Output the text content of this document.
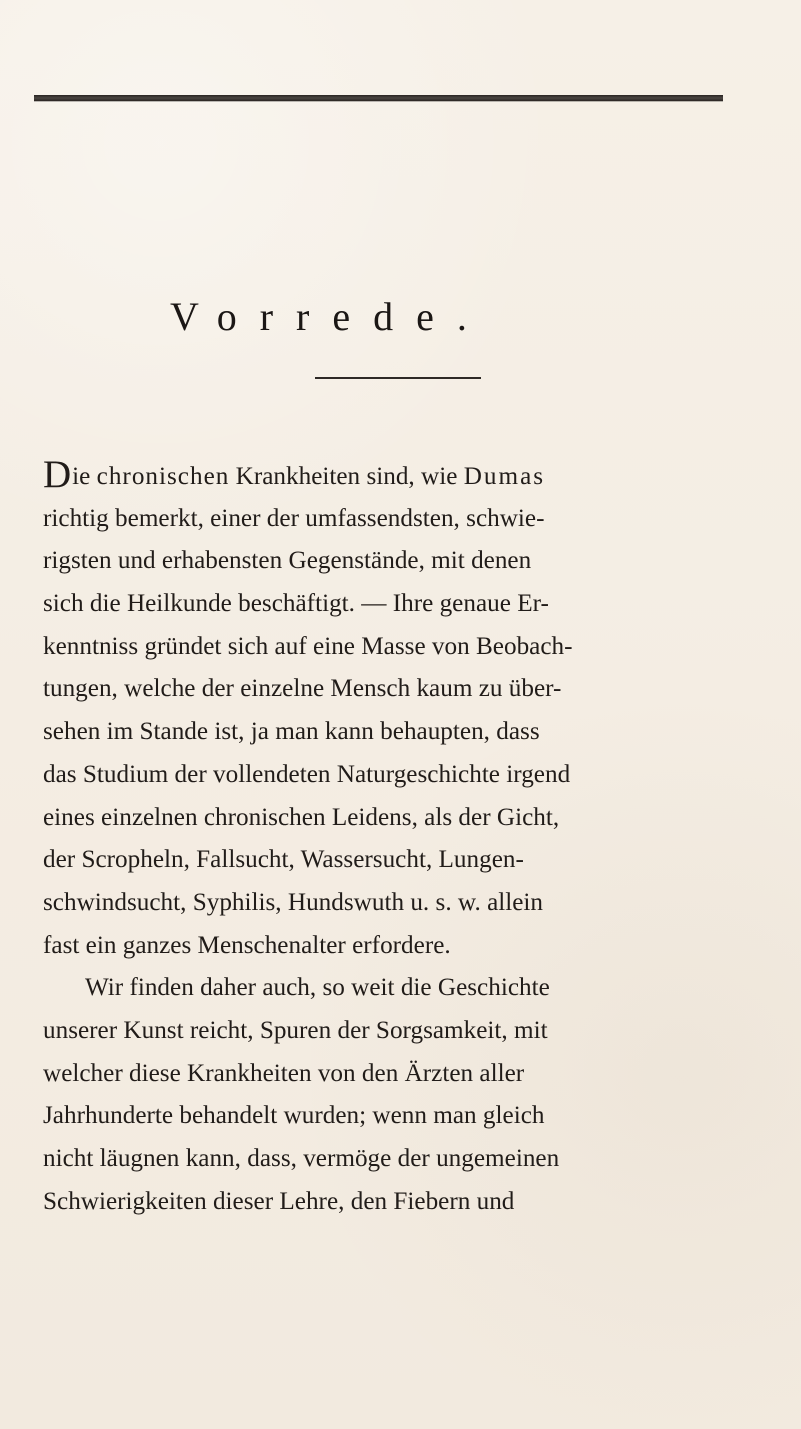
Vorrede.
Die chronischen Krankheiten sind, wie Dumas
richtig bemerkt, einer der umfassendsten, schwie-
rigsten und erhabensten Gegenstände, mit denen
sich die Heilkunde beschäftigt. — Ihre genaue Er-
kenntniss gründet sich auf eine Masse von Beobach-
tungen, welche der einzelne Mensch kaum zu über-
sehen im Stande ist, ja man kann behaupten, dass
das Studium der vollendeten Naturgeschichte irgend
eines einzelnen chronischen Leidens, als der Gicht,
der Scropheln, Fallsucht, Wassersucht, Lungen-
schwindsucht, Syphilis, Hundswuth u. s. w. allein
fast ein ganzes Menschenalter erfordere.
Wir finden daher auch, so weit die Geschichte
unserer Kunst reicht, Spuren der Sorgsamkeit, mit
welcher diese Krankheiten von den Ärzten aller
Jahrhunderte behandelt wurden; wenn man gleich
nicht läugnen kann, dass, vermöge der ungemeinen
Schwierigkeiten dieser Lehre, den Fiebern und
